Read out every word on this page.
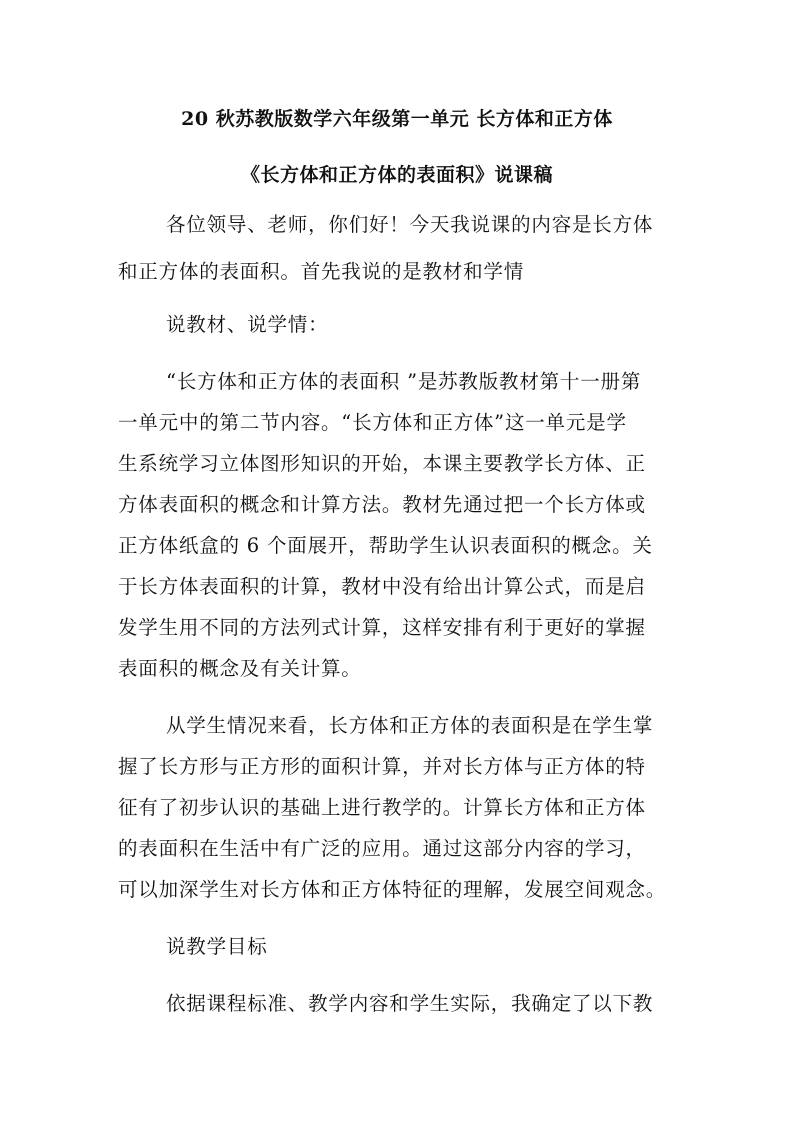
20 秋苏教版数学六年级第一单元 长方体和正方体
《长方体和正方体的表面积》说课稿
各位领导、老师，你们好！今天我说课的内容是长方体
和正方体的表面积。首先我说的是教材和学情
说教材、说学情：
“长方体和正方体的表面积 ”是苏教版教材第十一册第
一单元中的第二节内容。“长方体和正方体”这一单元是学
生系统学习立体图形知识的开始，本课主要教学长方体、正
方体表面积的概念和计算方法。教材先通过把一个长方体或
正方体纸盒的 6 个面展开，帮助学生认识表面积的概念。关
于长方体表面积的计算，教材中没有给出计算公式，而是启
发学生用不同的方法列式计算，这样安排有利于更好的掌握
表面积的概念及有关计算。
从学生情况来看，长方体和正方体的表面积是在学生掌
握了长方形与正方形的面积计算，并对长方体与正方体的特
征有了初步认识的基础上进行教学的。计算长方体和正方体
的表面积在生活中有广泛的应用。通过这部分内容的学习，
可以加深学生对长方体和正方体特征的理解，发展空间观念。
说教学目标
依据课程标准、教学内容和学生实际，我确定了以下教
